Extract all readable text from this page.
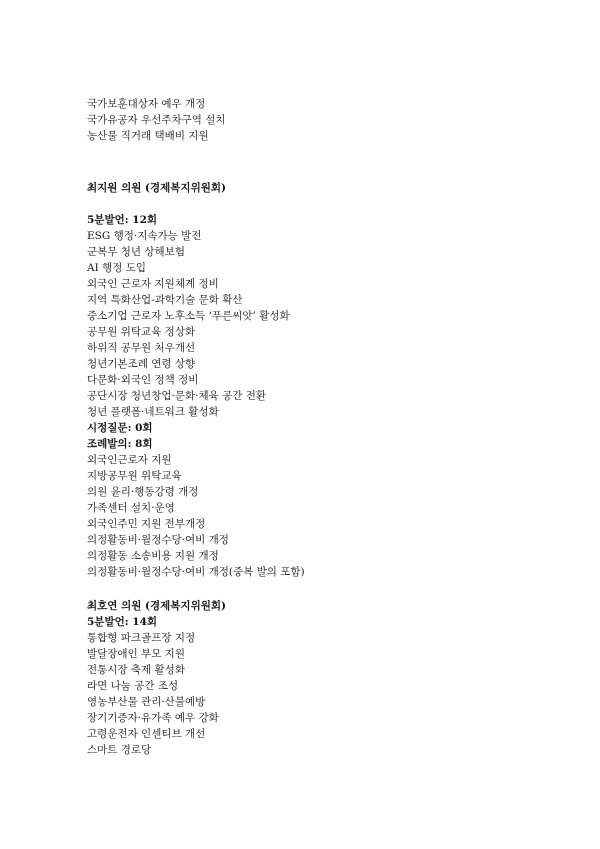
국가보훈대상자 예우 개정
국가유공자 우선주차구역 설치
농산물 직거래 택배비 지원
최지원 의원 (경제복지위원회)
5분발언: 12회
ESG 행정·지속가능 발전
군복무 청년 상해보험
AI 행정 도입
외국인 근로자 지원체계 정비
지역 특화산업-과학기술 문화 확산
중소기업 근로자 노후소득 ‘푸른씨앗’ 활성화
공무원 위탁교육 정상화
하위직 공무원 처우개선
청년기본조례 연령 상향
다문화·외국인 정책 정비
공단시장 청년창업·문화·체육 공간 전환
청년 플랫폼·네트워크 활성화
시정질문: 0회
조례발의: 8회
외국인근로자 지원
지방공무원 위탁교육
의원 윤리·행동강령 개정
가족센터 설치·운영
외국인주민 지원 전부개정
의정활동비·월정수당·여비 개정
의정활동 소송비용 지원 개정
의정활동비·월정수당·여비 개정(중복 발의 포함)
최호연 의원 (경제복지위원회)
5분발언: 14회
통합형 파크골프장 지정
발달장애인 부모 지원
전통시장 축제 활성화
라면 나눔 공간 조성
영농부산물 관리·산불예방
장기기증자·유가족 예우 강화
고령운전자 인센티브 개선
스마트 경로당
